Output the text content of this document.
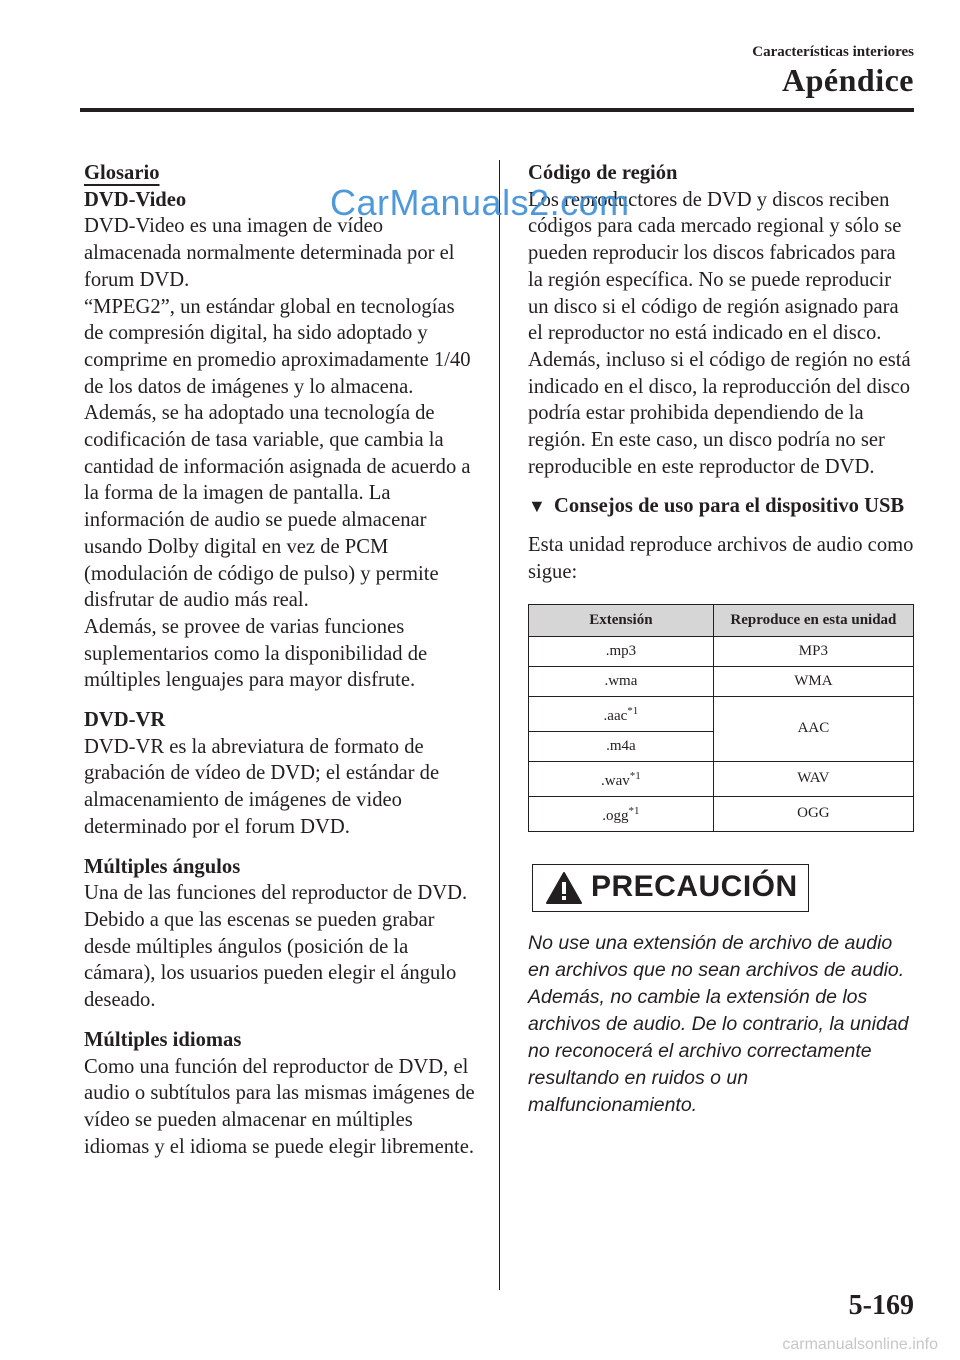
Características interiores
Apéndice

Glosario

DVD-Video

DVD-Video es una imagen de vídeo almacenada normalmente determinada por el forum DVD.

“MPEG2”, un estándar global en tecnologías de compresión digital, ha sido adoptado y comprime en promedio aproximadamente 1/40 de los datos de imágenes y lo almacena. Además, se ha adoptado una tecnología de codificación de tasa variable, que cambia la cantidad de información asignada de acuerdo a la forma de la imagen de pantalla. La información de audio se puede almacenar usando Dolby digital en vez de PCM (modulación de código de pulso) y permite disfrutar de audio más real.

Además, se provee de varias funciones suplementarios como la disponibilidad de múltiples lenguajes para mayor disfrute.

DVD-VR

DVD-VR es la abreviatura de formato de grabación de vídeo de DVD; el estándar de almacenamiento de imágenes de video determinado por el forum DVD.

Múltiples ángulos

Una de las funciones del reproductor de DVD. Debido a que las escenas se pueden grabar desde múltiples ángulos (posición de la cámara), los usuarios pueden elegir el ángulo deseado.

Múltiples idiomas

Como una función del reproductor de DVD, el audio o subtítulos para las mismas imágenes de vídeo se pueden almacenar en múltiples idiomas y el idioma se puede elegir libremente.

Código de región

Los reproductores de DVD y discos reciben códigos para cada mercado regional y sólo se pueden reproducir los discos fabricados para la región específica. No se puede reproducir un disco si el código de región asignado para el reproductor no está indicado en el disco. Además, incluso si el código de región no está indicado en el disco, la reproducción del disco podría estar prohibida dependiendo de la región. En este caso, un disco podría no ser reproducible en este reproductor de DVD.

▼ Consejos de uso para el dispositivo USB

Esta unidad reproduce archivos de audio como sigue:

Extensión	Reproduce en esta unidad
.mp3	MP3
.wma	WMA
.aac$^{*1}$	AAC
.m4a	
.wav$^{*1}$	WAV
.ogg$^{*1}$	OGG
PRECAUCIÓN

No use una extensión de archivo de audio en archivos que no sean archivos de audio. Además, no cambie la extensión de los archivos de audio. De lo contrario, la unidad no reconocerá el archivo correctamente resultando en ruidos o un malfuncionamiento.

CarManuals2.com
5-169
carmanualsonline.info
